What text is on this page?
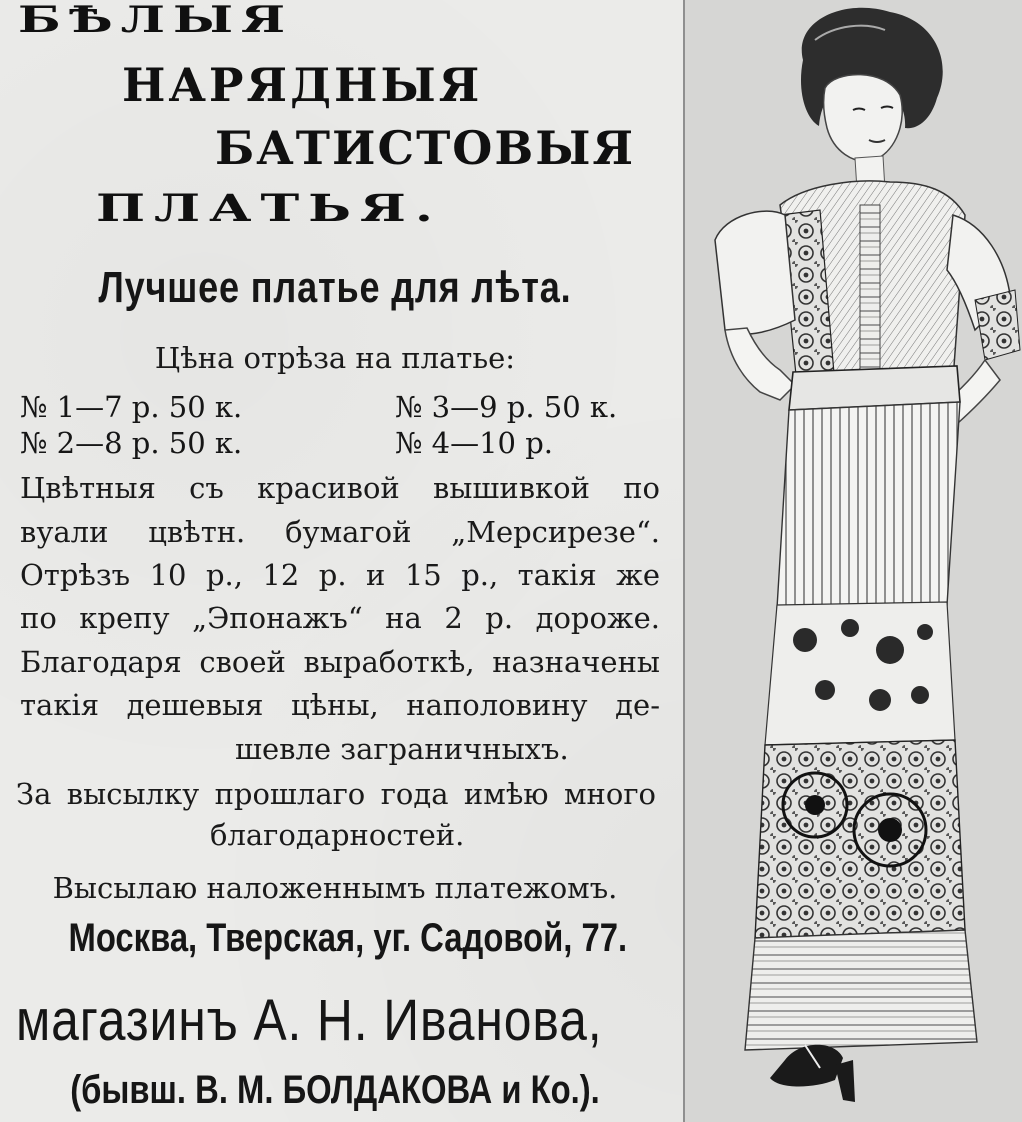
БѢЛЫЯ
НАРЯДНЫЯ
БАТИСТОВЫЯ
ПЛАТЬЯ.
Лучшее платье для лѣта.
Цѣна отрѣза на платье:
№ 1—7 р. 50 к.	№ 3—9 р. 50 к.
№ 2—8 р. 50 к.	№ 4—10 р.
Цвѣтныя съ красивой вышивкой по
вуали цвѣтн. бумагой „Мерсирезе“.
Отрѣзъ 10 р., 12 р. и 15 р., такія же
по крепу „Эпонажъ“ на 2 р. дороже.
Благодаря своей выработкѣ, назначены
такія дешевыя цѣны, наполовину де-
шевле заграничныхъ.
За высылку прошлаго года имѣю много
благодарностей.
Высылаю наложеннымъ платежомъ.
Москва, Тверская, уг. Садовой, 77.
магазинъ А. Н. Иванова,
(бывш. В. М. БОЛДАКОВА и Ко.).
